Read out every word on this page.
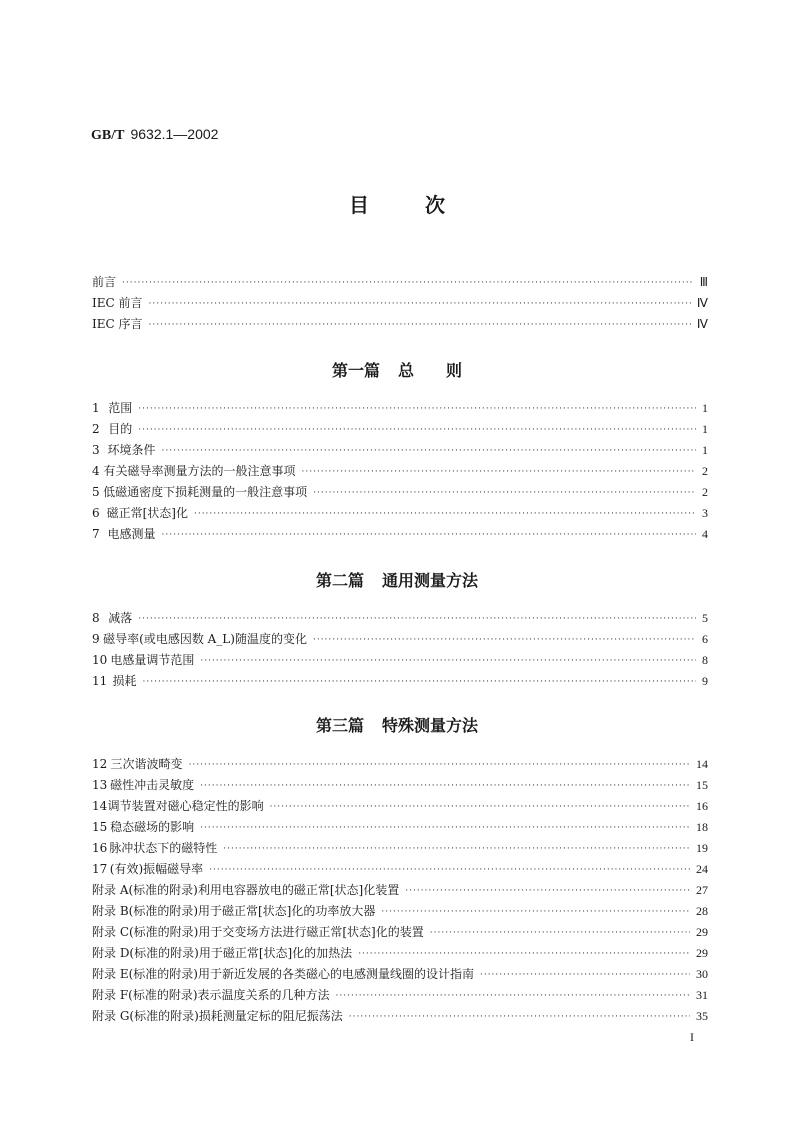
GB/T 9632.1—2002
目次
前言 ·····	Ⅲ
IEC 前言 ·····	Ⅳ
IEC 序言 ·····	Ⅳ
第一篇 总　　则
1 范围 ·····	1
2 目的 ·····	1
3 环境条件 ·····	1
4 有关磁导率测量方法的一般注意事项 ·····	2
5 低磁通密度下损耗测量的一般注意事项 ·····	2
6 磁正常[状态]化 ·····	3
7 电感测量 ·····	4
第二篇 通用测量方法
8 减落 ·····	5
9 磁导率(或电感因数 A_L)随温度的变化 ·····	6
10 电感量调节范围 ·····	8
11 损耗 ·····	9
第三篇 特殊测量方法
12 三次谐波畸变 ·····	14
13 磁性冲击灵敏度 ·····	15
14 调节装置对磁心稳定性的影响 ·····	16
15 稳态磁场的影响 ·····	18
16 脉冲状态下的磁特性 ·····	19
17 (有效)振幅磁导率 ·····	24
附录 A(标准的附录) 利用电容器放电的磁正常[状态]化装置 ·····	27
附录 B(标准的附录) 用于磁正常[状态]化的功率放大器 ·····	28
附录 C(标准的附录) 用于交变场方法进行磁正常[状态]化的装置 ·····	29
附录 D(标准的附录) 用于磁正常[状态]化的加热法 ·····	29
附录 E(标准的附录) 用于新近发展的各类磁心的电感测量线圈的设计指南 ·····	30
附录 F(标准的附录) 表示温度关系的几种方法 ·····	31
附录 G(标准的附录) 损耗测量定标的阻尼振荡法 ·····	35
I
